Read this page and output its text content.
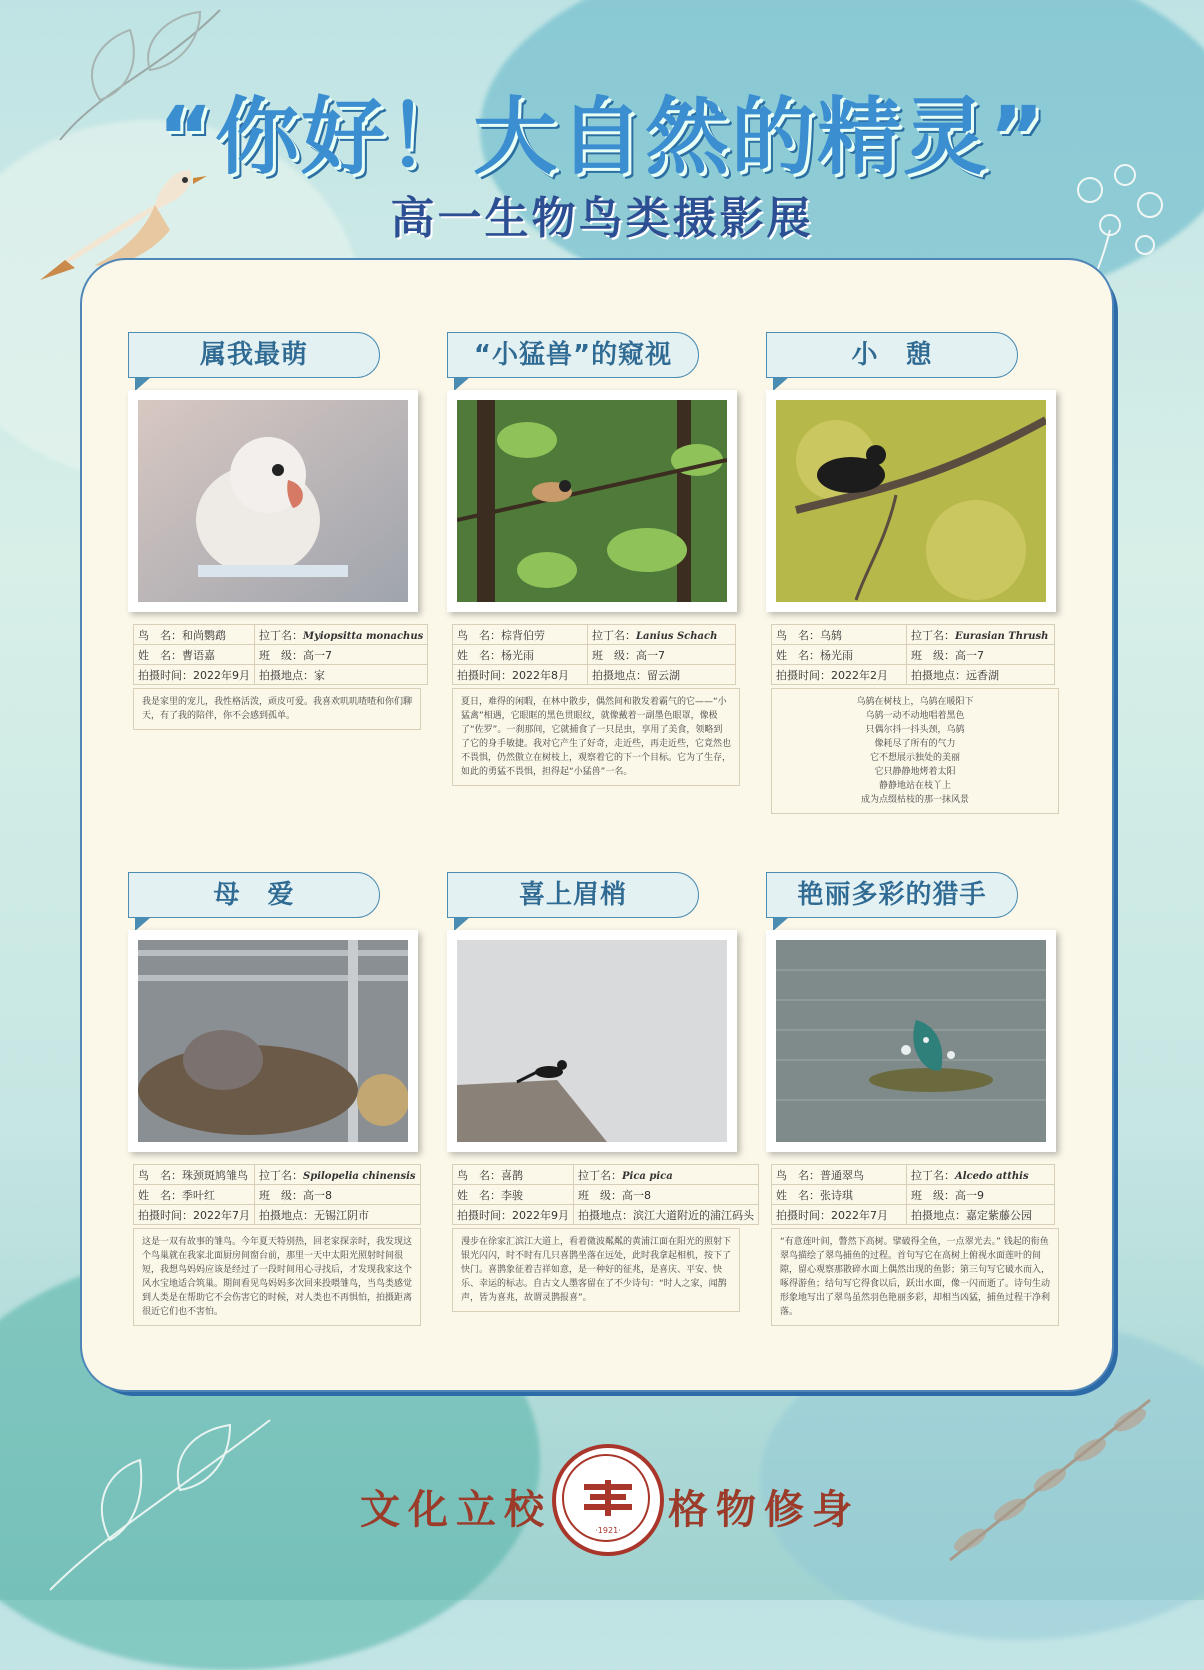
“你好！大自然的精灵”
高一生物鸟类摄影展
属我最萌
鸟　名：和尚鹦鹉	拉丁名：Myiopsitta monachus
姓　名：曹语嘉	班　级：高一7
拍摄时间：2022年9月	拍摄地点：家
我是家里的宠儿，我性格活泼，顽皮可爱。我喜欢叽叽喳喳和你们聊天，有了我的陪伴，你不会感到孤单。
“小猛兽”的窥视
鸟　名：棕背伯劳	拉丁名：Lanius Schach
姓　名：杨光雨	班　级：高一7
拍摄时间：2022年8月	拍摄地点：留云湖
夏日，难得的闲暇，在林中散步，偶然间和散发着霸气的它——“小猛禽”相遇，它眼眶的黑色贯眼纹，就像戴着一副墨色眼罩，像极了“佐罗”。一刹那间，它就捕食了一只昆虫，享用了美食，领略到了它的身手敏捷。我对它产生了好奇，走近些，再走近些，它竟然也不畏惧，仍然傲立在树枝上，观察着它的下一个目标。它为了生存，如此的勇猛不畏惧，担得起“小猛兽”一名。
小　憩
鸟　名：乌鸫	拉丁名：Eurasian Thrush
姓　名：杨光雨	班　级：高一7
拍摄时间：2022年2月	拍摄地点：远香湖
乌鸫在树枝上，乌鸫在暖阳下
乌鸫一动不动地唱着黑色
只偶尔抖一抖头颈，乌鸫
像耗尽了所有的气力
它不想展示独处的美丽
它只静静地烤着太阳
静静地站在枝丫上
成为点缀枯枝的那一抹风景
母　爱
鸟　名：珠颈斑鸠雏鸟	拉丁名：Spilopelia chinensis
姓　名：季叶红	班　级：高一8
拍摄时间：2022年7月	拍摄地点：无锡江阴市
这是一双有故事的雏鸟。今年夏天特别热，回老家探亲时，我发现这个鸟巢就在我家北面厨房间窗台前，那里一天中太阳光照射时间很短，我想鸟妈妈应该是经过了一段时间用心寻找后，才发现我家这个风水宝地适合筑巢。期间看见鸟妈妈多次回来投喂雏鸟，当鸟类感觉到人类是在帮助它不会伤害它的时候，对人类也不再惧怕，拍摄距离很近它们也不害怕。
喜上眉梢
鸟　名：喜鹊	拉丁名：Pica pica
姓　名：李骏	班　级：高一8
拍摄时间：2022年9月	拍摄地点：滨江大道附近的浦江码头
漫步在徐家汇滨江大道上，看着微波粼粼的黄浦江面在阳光的照射下银光闪闪，时不时有几只喜鹊坐落在远处，此时我拿起相机，按下了快门。喜鹊象征着吉祥如意，是一种好的征兆，是喜庆、平安、快乐、幸运的标志。自古文人墨客留在了不少诗句：“时人之家，闻鹊声，皆为喜兆，故谓灵鹊报喜”。
艳丽多彩的猎手
鸟　名：普通翠鸟	拉丁名：Alcedo atthis
姓　名：张诗琪	班　级：高一9
拍摄时间：2022年7月	拍摄地点：嘉定紫藤公园
“有意莲叶间，瞥然下高树。擘破得全鱼，一点翠光去。” 钱起的衔鱼翠鸟描绘了翠鸟捕鱼的过程。首句写它在高树上俯视水面莲叶的间隙，留心观察那散碎水面上偶然出现的鱼影；第三句写它破水而入，啄得游鱼；结句写它得食以后，跃出水面，像一闪而逝了。诗句生动形象地写出了翠鸟虽然羽色艳丽多彩，却相当凶猛，捕鱼过程干净利落。
文化立校	·1921·	格物修身
